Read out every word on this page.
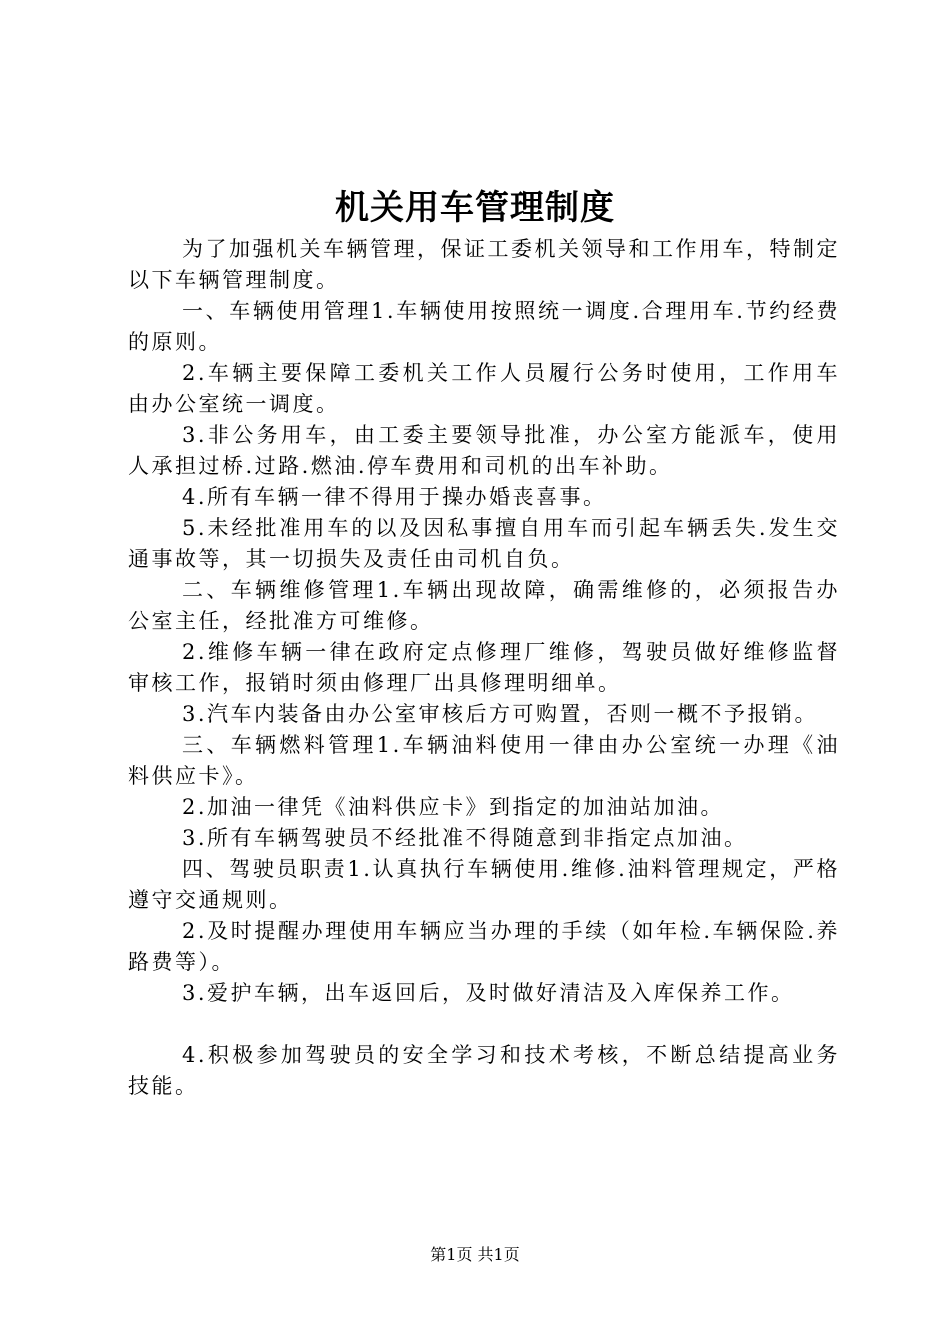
机关用车管理制度

为了加强机关车辆管理，保证工委机关领导和工作用车，特制定以下车辆管理制度。

一、车辆使用管理1.车辆使用按照统一调度.合理用车.节约经费的原则。

2.车辆主要保障工委机关工作人员履行公务时使用，工作用车由办公室统一调度。

3.非公务用车，由工委主要领导批准，办公室方能派车，使用人承担过桥.过路.燃油.停车费用和司机的出车补助。

4.所有车辆一律不得用于操办婚丧喜事。

5.未经批准用车的以及因私事擅自用车而引起车辆丢失.发生交通事故等，其一切损失及责任由司机自负。

二、车辆维修管理1.车辆出现故障，确需维修的，必须报告办公室主任，经批准方可维修。

2.维修车辆一律在政府定点修理厂维修，驾驶员做好维修监督审核工作，报销时须由修理厂出具修理明细单。

3.汽车内装备由办公室审核后方可购置，否则一概不予报销。

三、车辆燃料管理1.车辆油料使用一律由办公室统一办理《油料供应卡》。

2.加油一律凭《油料供应卡》到指定的加油站加油。

3.所有车辆驾驶员不经批准不得随意到非指定点加油。

四、驾驶员职责1.认真执行车辆使用.维修.油料管理规定，严格遵守交通规则。

2.及时提醒办理使用车辆应当办理的手续（如年检.车辆保险.养路费等）。

3.爱护车辆，出车返回后，及时做好清洁及入库保养工作。

4.积极参加驾驶员的安全学习和技术考核，不断总结提高业务技能。

第1页 共1页
